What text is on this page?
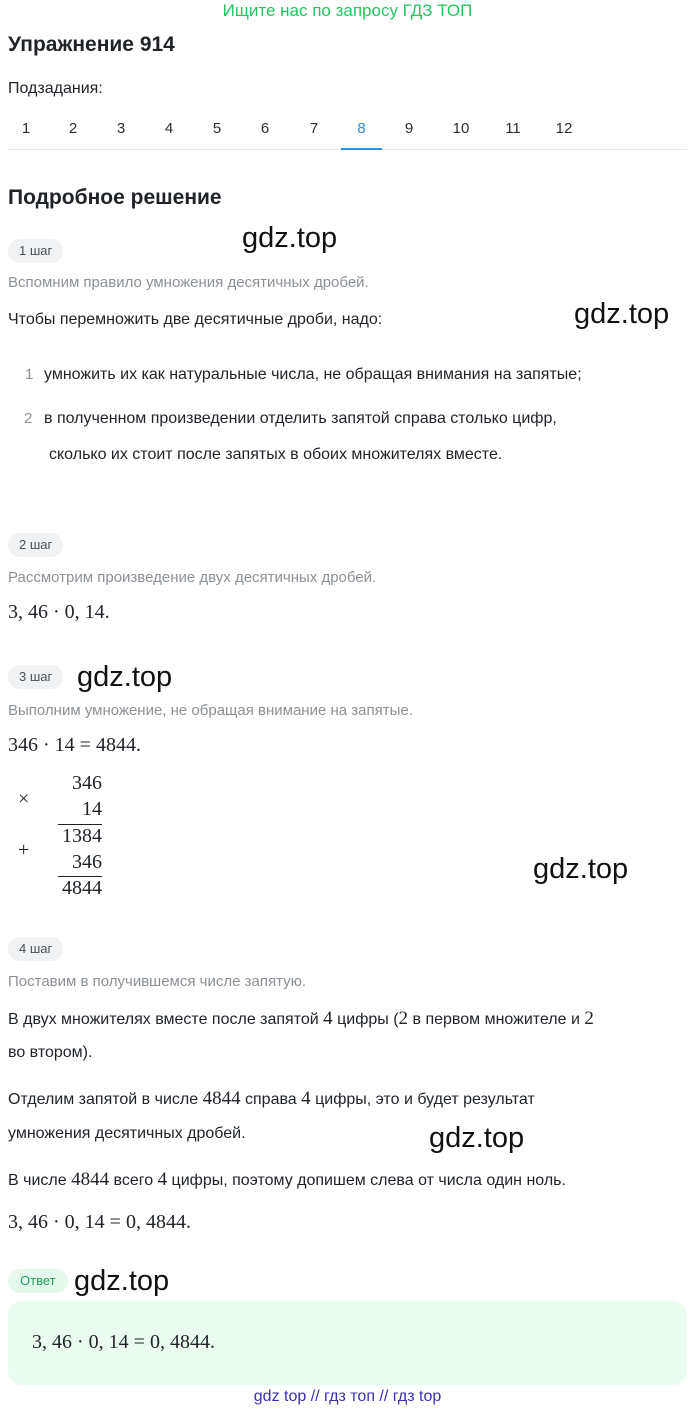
Ищите нас по запросу ГДЗ ТОП
Упражнение 914
Подзадания:
1	2	3	4	5	6	7	8	9	10	11	12
Подробное решение
1 шаг	gdz.top
Вспомним правило умножения десятичных дробей.
Чтобы перемножить две десятичные дроби, надо:	gdz.top
1 умножить их как натуральные числа, не обращая внимания на запятые;
2 в полученном произведении отделить запятой справа столько цифр,
сколько их стоит после запятых в обоих множителях вместе.
2 шаг
Рассмотрим произведение двух десятичных дробей.
3, 46 · 0, 14.
3 шаг gdz.top
Выполним умножение, не обращая внимание на запятые.
346 · 14 = 4844.
×
346
14
1384
+
346
4844
gdz.top
4 шаг
Поставим в получившемся числе запятую.
В двух множителях вместе после запятой 4 цифры (2 в первом множителе и 2
во втором).
Отделим запятой в числе 4844 справа 4 цифры, это и будет результат
умножения десятичных дробей.	gdz.top
В числе 4844 всего 4 цифры, поэтому допишем слева от числа один ноль.
3, 46 · 0, 14 = 0, 4844.
Ответ gdz.top
3, 46 · 0, 14 = 0, 4844.
gdz top // гдз топ // гдз top
